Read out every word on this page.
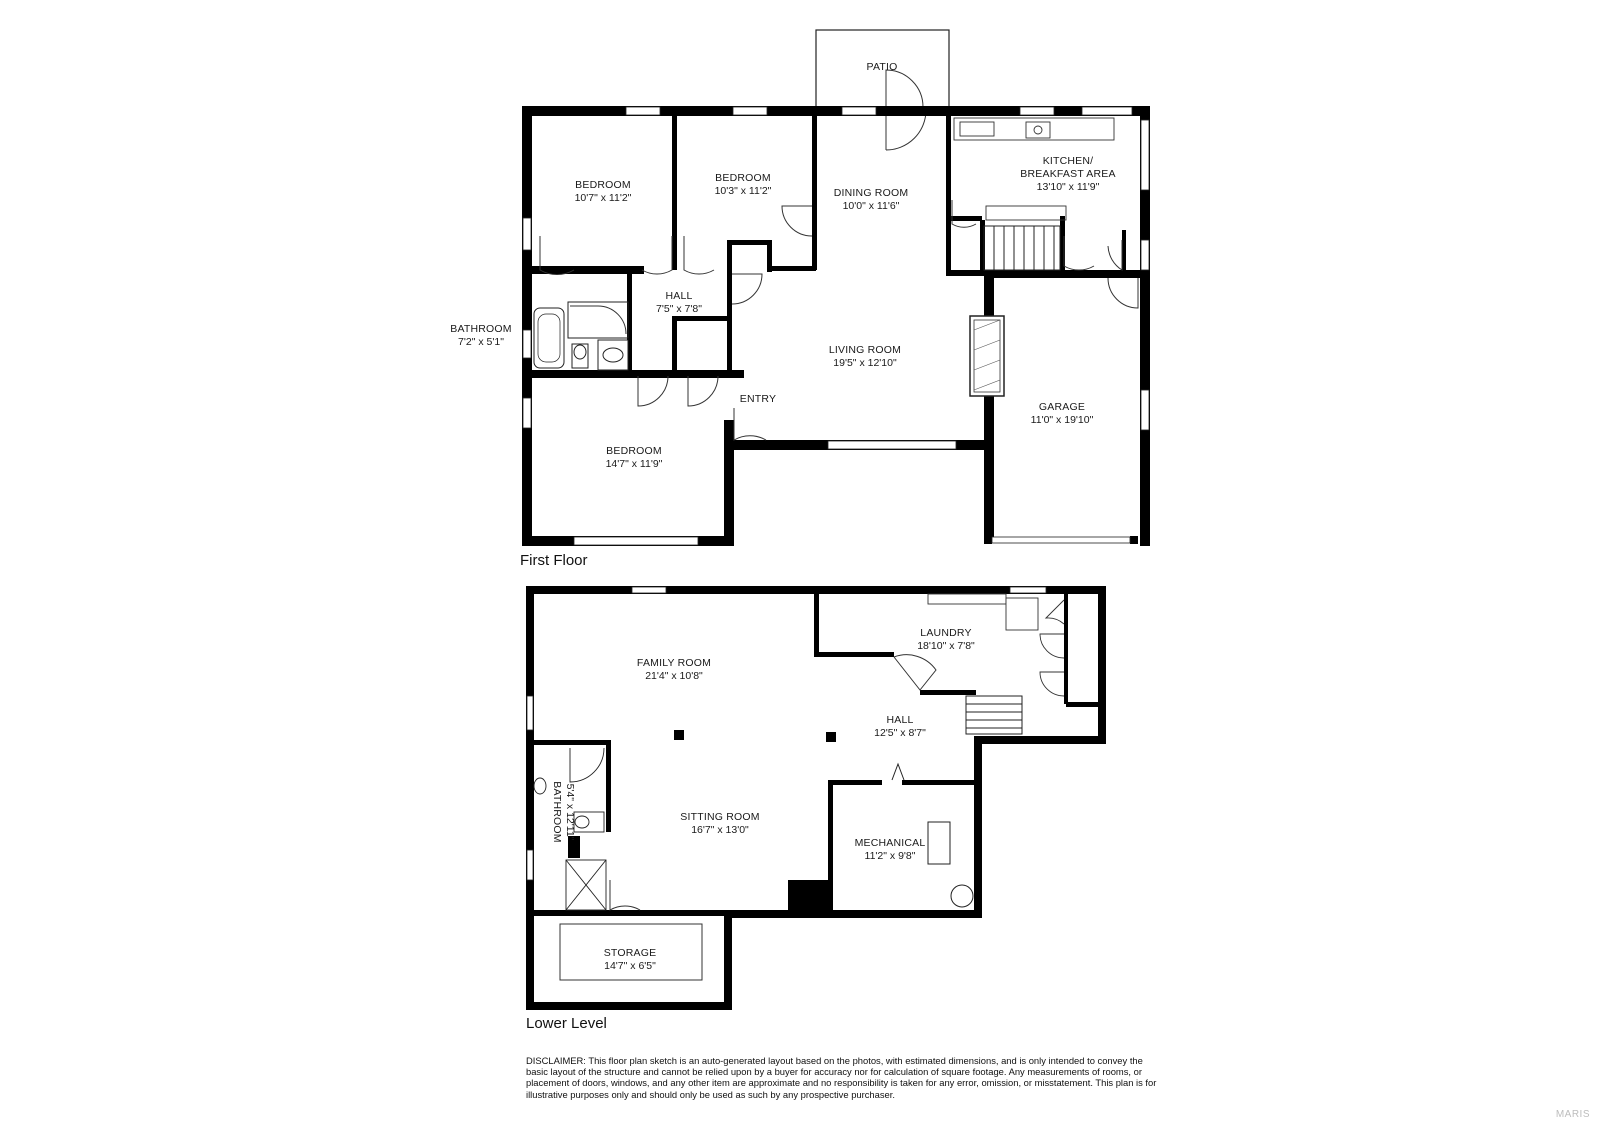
PATIO
BEDROOM
10'7" x 11'2"
BEDROOM
10'3" x 11'2"	DINING ROOM
10'0" x 11'6"
KITCHEN/
BREAKFAST AREA
13'10" x 11'9"
HALL
7'5" x 7'8"
BATHROOM
7'2" x 5'1"
LIVING ROOM
19'5" x 12'10"
ENTRY
GARAGE
11'0" x 19'10"
BEDROOM
14'7" x 11'9"
LAUNDRY
18'10" x 7'8"
FAMILY ROOM
21'4" x 10'8"
HALL
12'5" x 8'7"
SITTING ROOM
16'7" x 13'0"
MECHANICAL
11'2" x 9'8"
STORAGE
14'7" x 6'5"
BATHROOM 5'4" x 12'11"
First Floor
Lower Level
DISCLAIMER: This floor plan sketch is an auto-generated layout based on the photos, with estimated dimensions, and is only intended to convey the basic layout of the structure and cannot be relied upon by a buyer for accuracy nor for calculation of square footage. Any measurements of rooms, or placement of doors, windows, and any other item are approximate and no responsibility is taken for any error, omission, or misstatement. This plan is for illustrative purposes only and should only be used as such by any prospective purchaser.
MARIS
